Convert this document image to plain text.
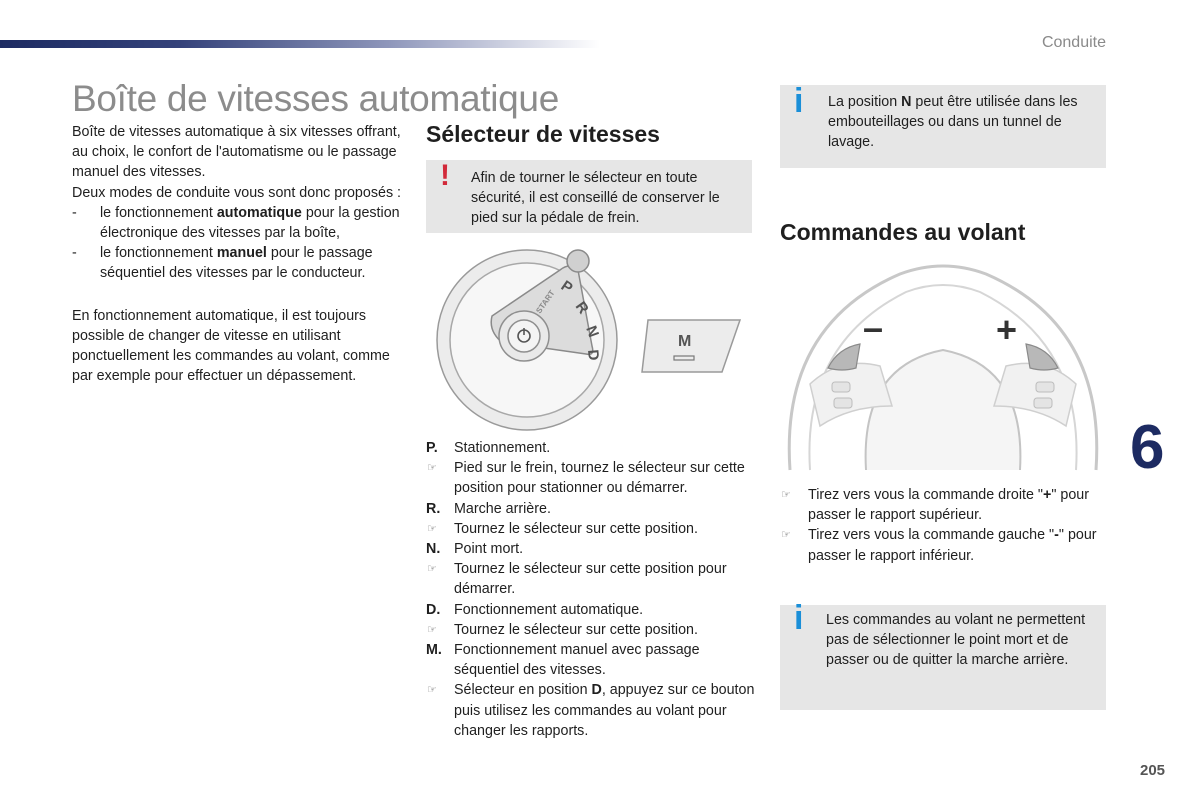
Conduite
Boîte de vitesses automatique

Boîte de vitesses automatique à six vitesses offrant, au choix, le confort de l'automatisme ou le passage manuel des vitesses.

Deux modes de conduite vous sont donc proposés :

- le fonctionnement automatique pour la gestion électronique des vitesses par la boîte,
- le fonctionnement manuel pour le passage séquentiel des vitesses par le conducteur.

En fonctionnement automatique, il est toujours possible de changer de vitesse en utilisant ponctuellement les commandes au volant, comme par exemple pour effectuer un dépassement.

Sélecteur de vitesses
! Afin de tourner le sélecteur en toute sécurité, il est conseillé de conserver le pied sur la pédale de frein.
START
P
R
N
D
M
P. Stationnement.
☞ Pied sur le frein, tournez le sélecteur sur cette position pour stationner ou démarrer.
R. Marche arrière.
☞ Tournez le sélecteur sur cette position.
N. Point mort.
☞ Tournez le sélecteur sur cette position pour démarrer.
D. Fonctionnement automatique.
☞ Tournez le sélecteur sur cette position.
M. Fonctionnement manuel avec passage séquentiel des vitesses.
☞ Sélecteur en position D, appuyez sur ce bouton puis utilisez les commandes au volant pour changer les rapports.
i La position N peut être utilisée dans les embouteillages ou dans un tunnel de lavage.
Commandes au volant
–	+
☞ Tirez vers vous la commande droite "+" pour passer le rapport supérieur.
☞ Tirez vers vous la commande gauche "-" pour passer le rapport inférieur.
i Les commandes au volant ne permettent pas de sélectionner le point mort et de passer ou de quitter la marche arrière.
6
205
